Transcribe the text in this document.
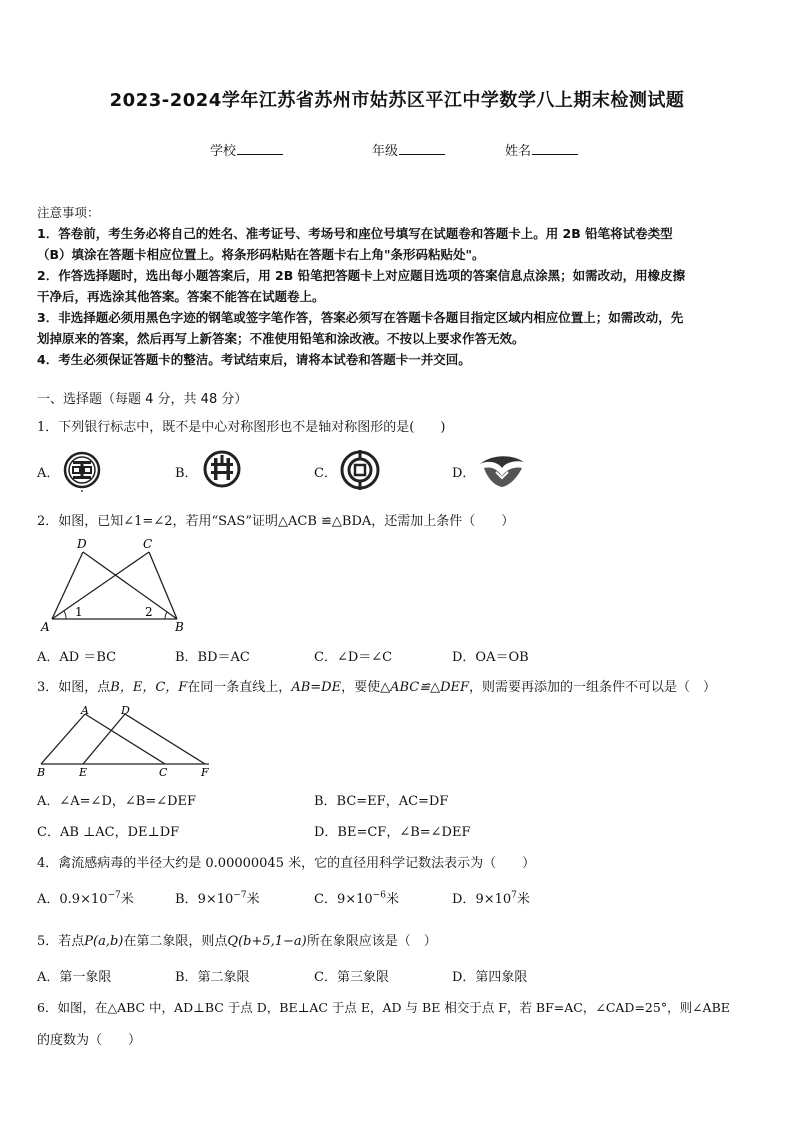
2023-2024学年江苏省苏州市姑苏区平江中学数学八上期末检测试题
学校	年级	姓名
注意事项：
1．答卷前，考生务必将自己的姓名、准考证号、考场号和座位号填写在试题卷和答题卡上。用 2B 铅笔将试卷类型
（B）填涂在答题卡相应位置上。将条形码粘贴在答题卡右上角"条形码粘贴处"。
2．作答选择题时，选出每小题答案后，用 2B 铅笔把答题卡上对应题目选项的答案信息点涂黑；如需改动，用橡皮擦
干净后，再选涂其他答案。答案不能答在试题卷上。
3．非选择题必须用黑色字迹的钢笔或签字笔作答，答案必须写在答题卡各题目指定区域内相应位置上；如需改动，先
划掉原来的答案，然后再写上新答案；不准使用铅笔和涂改液。不按以上要求作答无效。
4．考生必须保证答题卡的整洁。考试结束后，请将本试卷和答题卡一并交回。
一、选择题（每题 4 分，共 48 分）
1．下列银行标志中，既不是中心对称图形也不是轴对称图形的是(　　)
A．	B．	C．	D．
2．如图，已知∠1=∠2，若用“SAS”证明△ACB ≌△BDA，还需加上条件（　　）
D	C
A	B
1	2
A．AD ＝BC	B．BD＝AC	C．∠D＝∠C	D．OA＝OB
3．如图，点B，E，C，F在同一条直线上，AB=DE，要使△ABC≌△DEF，则需要再添加的一组条件不可以是（　）
A	D
B	E	C	F
A．∠A=∠D，∠B=∠DEF	B．BC=EF，AC=DF
C．AB ⊥AC，DE⊥DF	D．BE=CF，∠B=∠DEF
4．禽流感病毒的半径大约是 0.00000045 米，它的直径用科学记数法表示为（　　）
A．$0.9\times 10^{-7}$米	B．$9\times 10^{-7}$米	C．$9\times 10^{-6}$米	D．$9\times 10^7$米
5．若点P(a,b)在第二象限，则点Q(b+5,1−a)所在象限应该是（　）
A．第一象限	B．第二象限	C．第三象限	D．第四象限
6．如图，在△ABC 中，AD⊥BC 于点 D，BE⊥AC 于点 E，AD 与 BE 相交于点 F，若 BF=AC，∠CAD=25°，则∠ABE
的度数为（　　）
